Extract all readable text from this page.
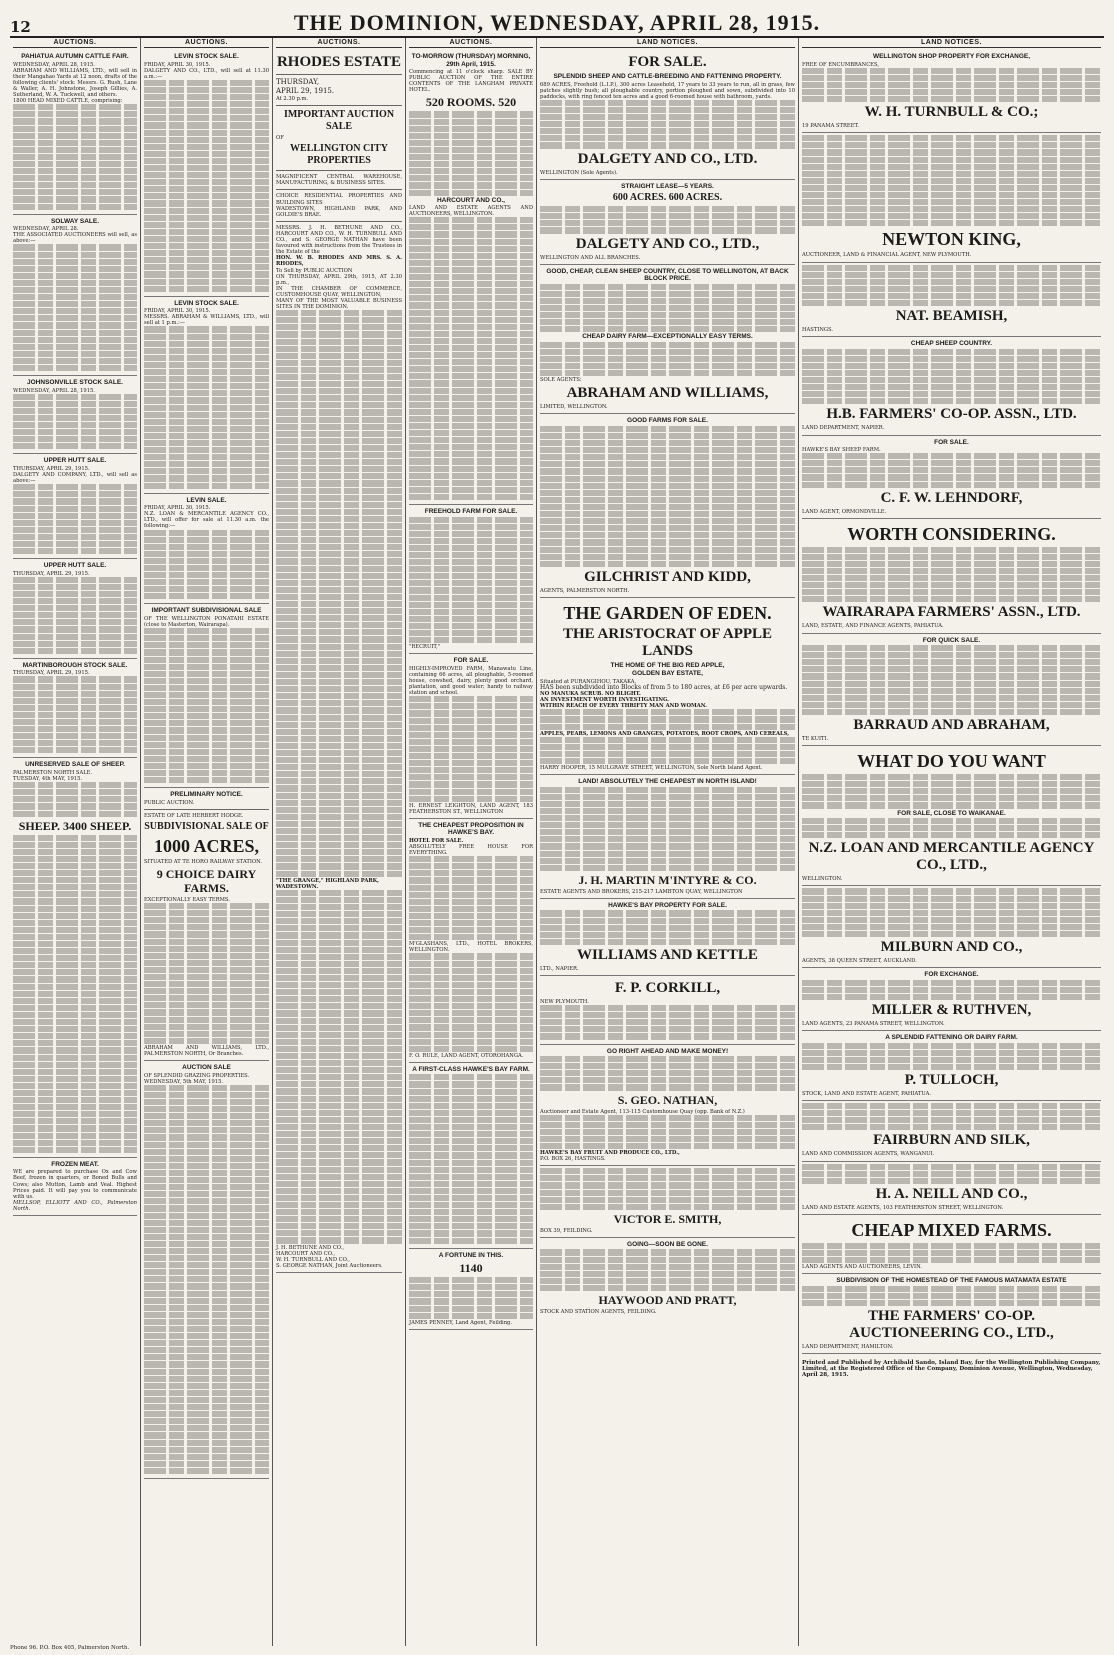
12	THE DOMINION, WEDNESDAY, APRIL 28, 1915.
AUCTIONS.
PAHIATUA AUTUMN CATTLE FAIR.

WEDNESDAY, APRIL 28, 1915.

ABRAHAM AND WILLIAMS, LTD., will sell in their Mangahao Yards at 12 noon, drafts of the following clients' stock: Messrs. G. Rush, Lane & Waller, A. H. Johnstone, Joseph Gillies, A. Sutherland, W. A. Tuckwell, and others.

1800 HEAD MIXED CATTLE, comprising:

SOLWAY SALE.

WEDNESDAY, APRIL 28.

THE ASSOCIATED AUCTIONEERS will sell, as above:—

JOHNSONVILLE STOCK SALE.

WEDNESDAY, APRIL 28, 1915.

UPPER HUTT SALE.

THURSDAY, APRIL 29, 1915.

DALGETY AND COMPANY, LTD., will sell as above:—

UPPER HUTT SALE.

THURSDAY, APRIL 29, 1915.

MARTINBOROUGH STOCK SALE.

THURSDAY, APRIL 29, 1915.

UNRESERVED SALE OF SHEEP.

PALMERSTON NORTH SALE.

TUESDAY, 4th MAY, 1915.

SHEEP. 3400 SHEEP.
FROZEN MEAT.

WE are prepared to purchase Ox and Cow Beef, frozen in quarters, or Boned Bulls and Cows; also Mutton, Lamb and Veal. Highest Prices paid. It will pay you to communicate with us.

MELLSOP, ELLIOTT AND CO., Palmerston North.

AUCTIONS.
LEVIN STOCK SALE.

FRIDAY, APRIL 30, 1915.

DALGETY AND CO., LTD., will sell at 11.30 a.m.:—

LEVIN STOCK SALE.

FRIDAY, APRIL 30, 1915.

MESSRS. ABRAHAM & WILLIAMS, LTD., will sell at 1 p.m.:—

LEVIN SALE.

FRIDAY, APRIL 30, 1915.

N.Z. LOAN & MERCANTILE AGENCY CO., LTD., will offer for sale at 11.30 a.m. the following:—

IMPORTANT SUBDIVISIONAL SALE

OF THE WELLINGTON PONATAHI ESTATE (close to Masterton, Wairarapa).

PRELIMINARY NOTICE.

PUBLIC AUCTION.

ESTATE OF LATE HERBERT HODGE.

SUBDIVISIONAL SALE OF
1000 ACRES,

SITUATED AT TE HORO RAILWAY STATION.

9 CHOICE DAIRY FARMS.

EXCEPTIONALLY EASY TERMS.

ABRAHAM AND WILLIAMS, LTD., PALMERSTON NORTH, Or Branches.

AUCTION SALE

OF SPLENDID GRAZING PROPERTIES.

WEDNESDAY, 5th MAY, 1915.

AUCTIONS.
RHODES ESTATE

THURSDAY,

APRIL 29, 1915.

At 2.30 p.m.

IMPORTANT AUCTION SALE

OF

WELLINGTON CITY PROPERTIES

MAGNIFICENT CENTRAL WAREHOUSE, MANUFACTURING, & BUSINESS SITES.

CHOICE RESIDENTIAL PROPERTIES AND BUILDING SITES

WADESTOWN, HIGHLAND PARK, AND GOLDIE'S BRAE.

MESSRS. J. H. BETHUNE AND CO., HARCOURT AND CO., W. H. TURNBULL AND CO., and S. GEORGE NATHAN have been favoured with instructions from the Trustees in the Estate of the

HON. W. B. RHODES AND MRS. S. A. RHODES,

To Sell by PUBLIC AUCTION

ON THURSDAY, APRIL 29th, 1915, AT 2.30 p.m.,

IN THE CHAMBER OF COMMERCE, CUSTOMHOUSE QUAY, WELLINGTON,

MANY OF THE MOST VALUABLE BUSINESS SITES IN THE DOMINION.

"THE GRANGE," HIGHLAND PARK,

WADESTOWN.

J. H. BETHUNE AND CO.,

HARCOURT AND CO.,

W. H. TURNBULL AND CO.,

S. GEORGE NATHAN, Joint Auctioneers.

AUCTIONS.
TO-MORROW (THURSDAY) MORNING, 29th April, 1915.

Commencing at 11 o'clock sharp. SALE BY PUBLIC AUCTION OF THE ENTIRE CONTENTS OF THE LANGHAM PRIVATE HOTEL.

520 ROOMS. 520
HARCOURT AND CO.,

LAND AND ESTATE AGENTS AND AUCTIONEERS, WELLINGTON.

FREEHOLD FARM FOR SALE.

"RECRUIT,"

FOR SALE.

HIGHLY-IMPROVED FARM, Manawatu Line, containing 66 acres, all ploughable, 5-roomed house, cowshed, dairy, plenty good orchard, plantation, and good water; handy to railway station and school.

H. ERNEST LEIGHTON, LAND AGENT, 183 FEATHERSTON ST., WELLINGTON

THE CHEAPEST PROPOSITION IN HAWKE'S BAY.

HOTEL FOR SALE.

ABSOLUTELY FREE HOUSE FOR EVERYTHING.

M'GLASHANS, LTD., HOTEL BROKERS, WELLINGTON.

F. O. RULE, LAND AGENT, OTOROHANGA.

A FIRST-CLASS HAWKE'S BAY FARM.
A FORTUNE IN THIS.
1140

JAMES PENNEY, Land Agent, Feilding.

LAND NOTICES.
FOR SALE.
SPLENDID SHEEP AND CATTLE-BREEDING AND FATTENING PROPERTY.

689 ACRES, Freehold (L.I.P.), 300 acres Leasehold, 17 years to 33 years to run, all in grass, few patches slightly bush; all ploughable country, portion ploughed and sown, subdivided into 10 paddocks, with ring fenced ten acres and a good 6-roomed house with bathroom, yards.

DALGETY AND CO., LTD.

WELLINGTON (Sole Agents).

STRAIGHT LEASE—5 YEARS.
600 ACRES. 600 ACRES.
DALGETY AND CO., LTD.,

WELLINGTON AND ALL BRANCHES.

GOOD, CHEAP, CLEAN SHEEP COUNTRY, CLOSE TO WELLINGTON, AT BACK BLOCK PRICE.
CHEAP DAIRY FARM—EXCEPTIONALLY EASY TERMS.

SOLE AGENTS:

ABRAHAM AND WILLIAMS,

LIMITED, WELLINGTON.

GOOD FARMS FOR SALE.
GILCHRIST AND KIDD,

AGENTS, PALMERSTON NORTH.

THE GARDEN OF EDEN.
THE ARISTOCRAT OF APPLE LANDS
THE HOME OF THE BIG RED APPLE,
GOLDEN BAY ESTATE,

Situated at PURANGIHOU, TAKAKA,

HAS been subdivided into Blocks of from 5 to 180 acres, at £6 per acre upwards.

NO MANUKA SCRUB. NO BLIGHT.

AN INVESTMENT WORTH INVESTIGATING.

WITHIN REACH OF EVERY THRIFTY MAN AND WOMAN.

APPLES, PEARS, LEMONS AND GRANGES, POTATOES, ROOT CROPS, AND CEREALS,

HARRY HOOPER, 15 MULGRAVE STREET, WELLINGTON, Sole North Island Agent.

LAND! ABSOLUTELY THE CHEAPEST IN NORTH ISLAND!
J. H. MARTIN M'INTYRE & CO.

ESTATE AGENTS AND BROKERS, 215-217 LAMBTON QUAY, WELLINGTON

HAWKE'S BAY PROPERTY FOR SALE.
WILLIAMS AND KETTLE

LTD., NAPIER.

F. P. CORKILL,

NEW PLYMOUTH.

GO RIGHT AHEAD AND MAKE MONEY!
S. GEO. NATHAN,

Auctioneer and Estate Agent, 113-115 Customhouse Quay (opp. Bank of N.Z.)

HAWKE'S BAY FRUIT AND PRODUCE CO., LTD.,

P.O. BOX 26, HASTINGS.

VICTOR E. SMITH,

BOX 39, FEILDING.

GOING—SOON BE GONE.
HAYWOOD AND PRATT,

STOCK AND STATION AGENTS, FEILDING.

LAND NOTICES.
WELLINGTON SHOP PROPERTY FOR EXCHANGE,

FREE OF ENCUMBRANCES,

W. H. TURNBULL & CO.;

19 PANAMA STREET.

NEWTON KING,

AUCTIONEER, LAND & FINANCIAL AGENT, NEW PLYMOUTH.

NAT. BEAMISH,

HASTINGS.

CHEAP SHEEP COUNTRY.
H.B. FARMERS' CO-OP. ASSN., LTD.

LAND DEPARTMENT, NAPIER.

FOR SALE.

HAWKE'S BAY SHEEP FARM.

C. F. W. LEHNDORF,

LAND AGENT, ORMONDVILLE.

WORTH CONSIDERING.
WAIRARAPA FARMERS' ASSN., LTD.

LAND, ESTATE, AND FINANCE AGENTS, PAHIATUA.

FOR QUICK SALE.
BARRAUD AND ABRAHAM,

TE KUITI.

WHAT DO YOU WANT
FOR SALE, CLOSE TO WAIKANAE.
N.Z. LOAN AND MERCANTILE AGENCY CO., LTD.,

WELLINGTON.

MILBURN AND CO.,

AGENTS, 38 QUEEN STREET, AUCKLAND.

FOR EXCHANGE.
MILLER & RUTHVEN,

LAND AGENTS, 23 PANAMA STREET, WELLINGTON.

A SPLENDID FATTENING OR DAIRY FARM.
P. TULLOCH,

STOCK, LAND AND ESTATE AGENT, PAHIATUA.

FAIRBURN AND SILK,

LAND AND COMMISSION AGENTS, WANGANUI.

H. A. NEILL AND CO.,

LAND AND ESTATE AGENTS, 103 FEATHERSTON STREET, WELLINGTON.

CHEAP MIXED FARMS.

LAND AGENTS AND AUCTIONEERS, LEVIN.

SUBDIVISION OF THE HOMESTEAD OF THE FAMOUS MATAMATA ESTATE
THE FARMERS' CO-OP. AUCTIONEERING CO., LTD.,

LAND DEPARTMENT, HAMILTON.

Printed and Published by Archibald Sando, Island Bay, for the Wellington Publishing Company, Limited, at the Registered Office of the Company, Dominion Avenue, Wellington, Wednesday, April 28, 1915.

Phone 96. P.O. Box 405, Palmerston North.
